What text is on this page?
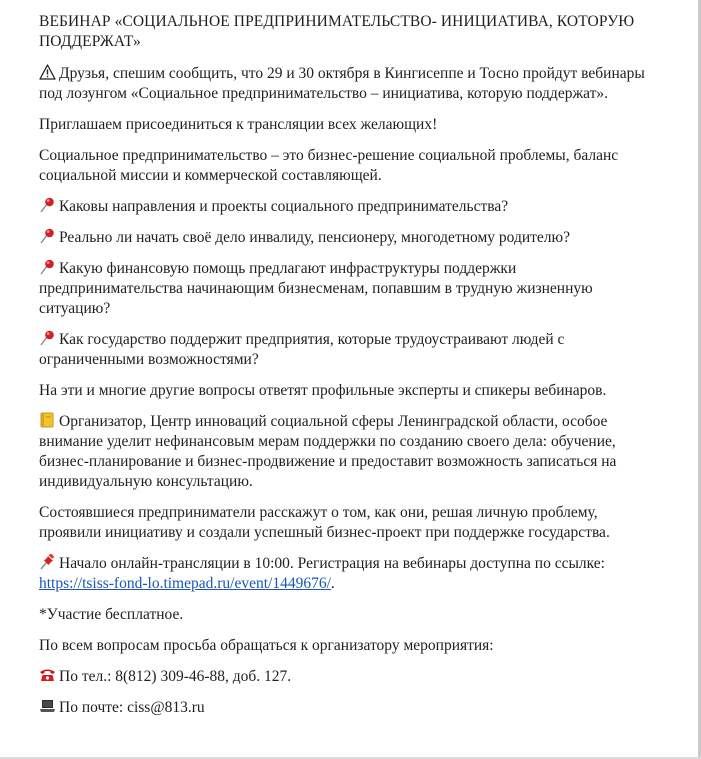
ВЕБИНАР «СОЦИАЛЬНОЕ ПРЕДПРИНИМАТЕЛЬСТВО- ИНИЦИАТИВА, КОТОРУЮ ПОДДЕРЖАТ»

Друзья, спешим сообщить, что 29 и 30 октября в Кингисеппе и Тосно пройдут вебинары под лозунгом «Социальное предпринимательство – инициатива, которую поддержат».

Приглашаем присоединиться к трансляции всех желающих!

Социальное предпринимательство – это бизнес-решение социальной проблемы, баланс социальной миссии и коммерческой составляющей.

Каковы направления и проекты социального предпринимательства?

Реально ли начать своё дело инвалиду, пенсионеру, многодетному родителю?

Какую финансовую помощь предлагают инфраструктуры поддержки предпринимательства начинающим бизнесменам, попавшим в трудную жизненную ситуацию?

Как государство поддержит предприятия, которые трудоустраивают людей с ограниченными возможностями?

На эти и многие другие вопросы ответят профильные эксперты и спикеры вебинаров.

Организатор, Центр инноваций социальной сферы Ленинградской области, особое внимание уделит нефинансовым мерам поддержки по созданию своего дела: обучение, бизнес-планирование и бизнес-продвижение и предоставит возможность записаться на индивидуальную консультацию.

Состоявшиеся предприниматели расскажут о том, как они, решая личную проблему, проявили инициативу и создали успешный бизнес-проект при поддержке государства.

Начало онлайн-трансляции в 10:00. Регистрация на вебинары доступна по ссылке: https://tsiss-fond-lo.timepad.ru/event/1449676/.

*Участие бесплатное.

По всем вопросам просьба обращаться к организатору мероприятия:

По тел.: 8(812) 309-46-88, доб. 127.

По почте: ciss@813.ru
